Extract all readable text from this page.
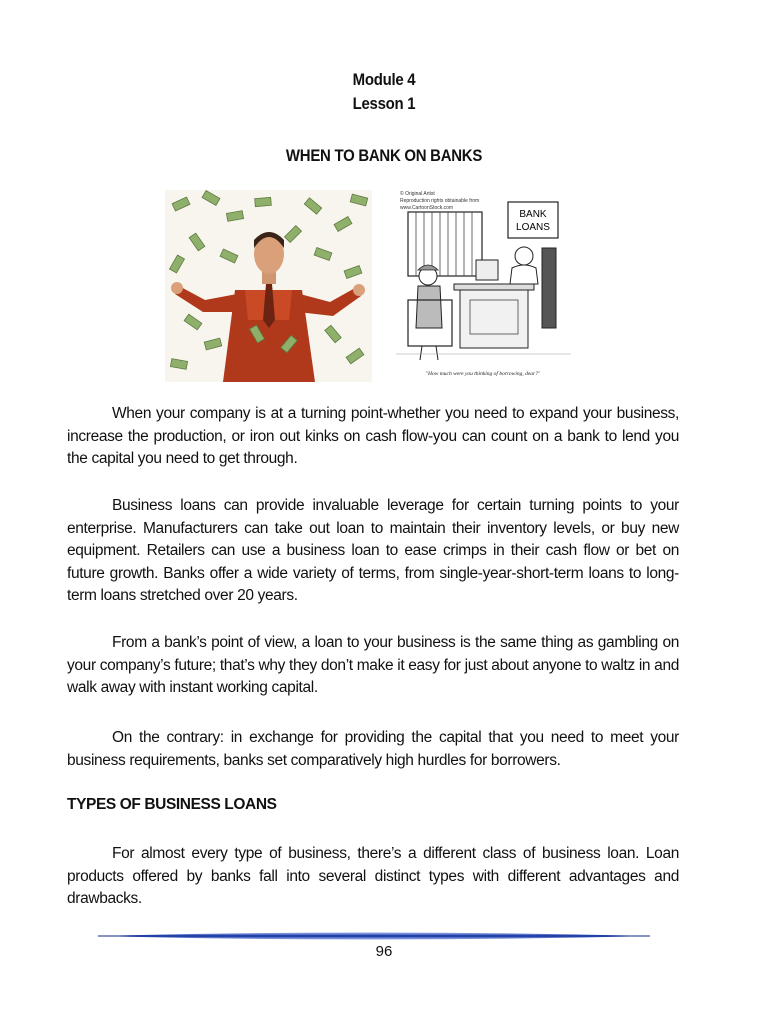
Module 4
Lesson 1
WHEN TO BANK ON BANKS
© Original Artist
Reproduction rights obtainable from
www.CartoonStock.com
BANK
LOANS
"How much were you thinking of borrowing, dear?"

When your company is at a turning point-whether you need to expand your business, increase the production, or iron out kinks on cash flow-you can count on a bank to lend you the capital you need to get through.

Business loans can provide invaluable leverage for certain turning points to your enterprise. Manufacturers can take out loan to maintain their inventory levels, or buy new equipment. Retailers can use a business loan to ease crimps in their cash flow or bet on future growth. Banks offer a wide variety of terms, from single-year-short-term loans to long-term loans stretched over 20 years.

From a bank’s point of view, a loan to your business is the same thing as gambling on your company’s future; that’s why they don’t make it easy for just about anyone to waltz in and walk away with instant working capital.

On the contrary: in exchange for providing the capital that you need to meet your business requirements, banks set comparatively high hurdles for borrowers.

TYPES OF BUSINESS LOANS

For almost every type of business, there’s a different class of business loan. Loan products offered by banks fall into several distinct types with different advantages and drawbacks.

96
